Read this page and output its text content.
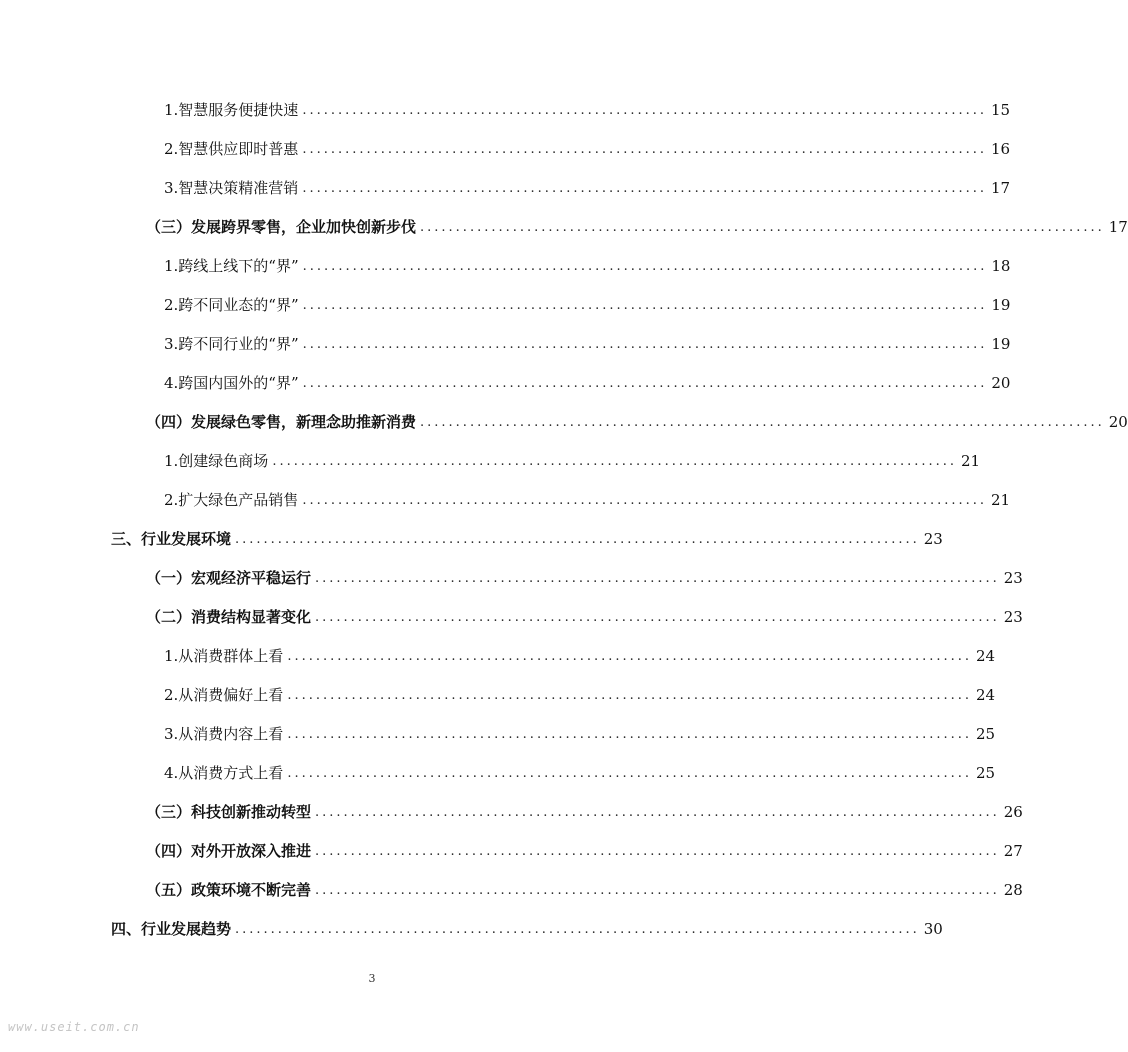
1.智慧服务便捷快速 ................................................................................................ 15
2.智慧供应即时普惠 ................................................................................................ 16
3.智慧决策精准营销 ................................................................................................ 17
（三）发展跨界零售，企业加快创新步伐 ................................................................................................ 17
1.跨线上线下的“界” ................................................................................................ 18
2.跨不同业态的“界” ................................................................................................ 19
3.跨不同行业的“界” ................................................................................................ 19
4.跨国内国外的“界” ................................................................................................ 20
（四）发展绿色零售，新理念助推新消费 ................................................................................................ 20
1.创建绿色商场 ................................................................................................ 21
2.扩大绿色产品销售 ................................................................................................ 21
三、行业发展环境 ................................................................................................ 23
（一）宏观经济平稳运行 ................................................................................................ 23
（二）消费结构显著变化 ................................................................................................ 23
1.从消费群体上看 ................................................................................................ 24
2.从消费偏好上看 ................................................................................................ 24
3.从消费内容上看 ................................................................................................ 25
4.从消费方式上看 ................................................................................................ 25
（三）科技创新推动转型 ................................................................................................ 26
（四）对外开放深入推进 ................................................................................................ 27
（五）政策环境不断完善 ................................................................................................ 28
四、行业发展趋势 ................................................................................................ 30
3
www.useit.com.cn
